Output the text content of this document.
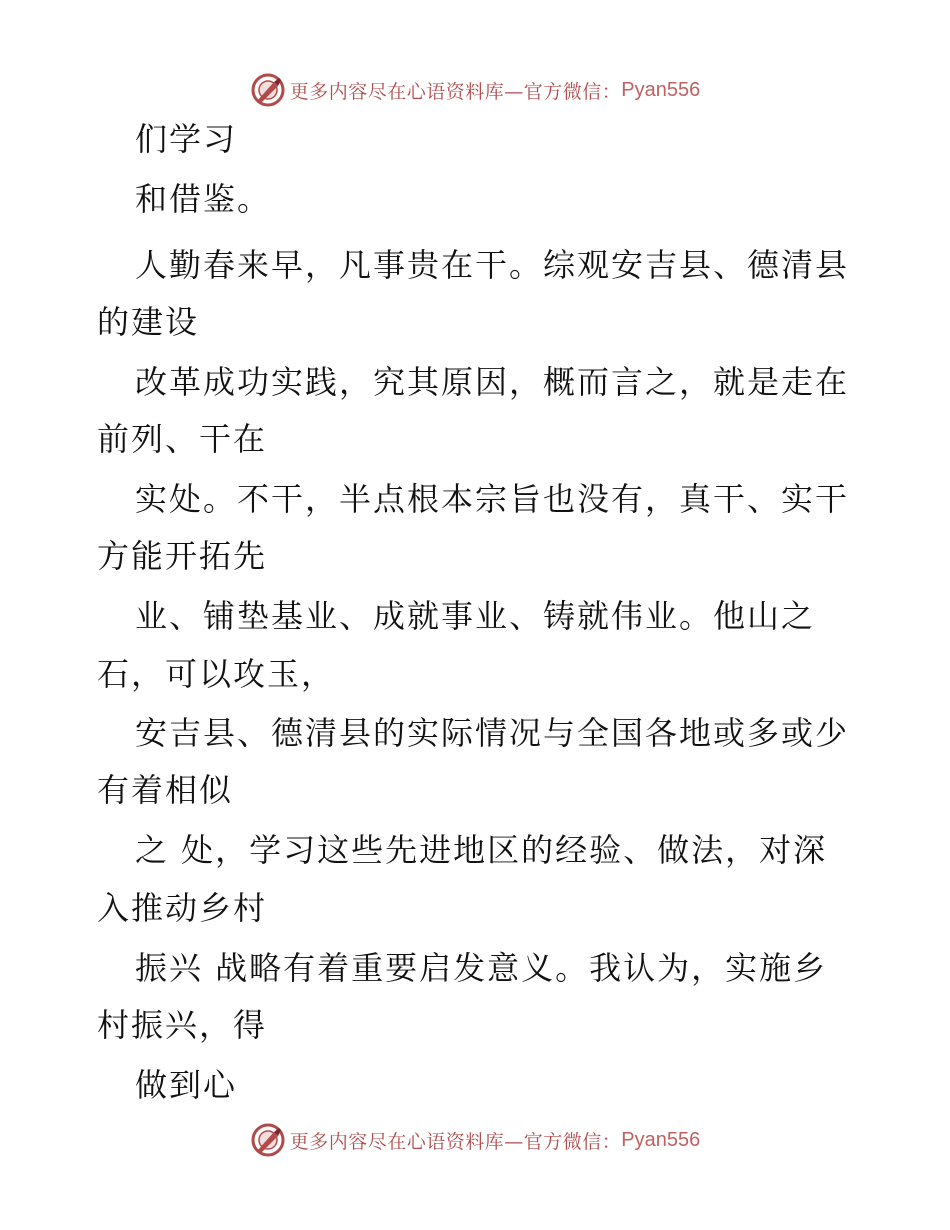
更多内容尽在心语资料库—官方微信： Pyan556
们学习
和借鉴。
人勤春来早，凡事贵在干。综观安吉县、德清县
的建设
改革成功实践，究其原因，概而言之，就是走在
前列、干在
实处。不干，半点根本宗旨也没有，真干、实干
方能开拓先
业、铺垫基业、成就事业、铸就伟业。他山之
石，可以攻玉，
安吉县、德清县的实际情况与全国各地或多或少
有着相似
之 处，学习这些先进地区的经验、做法，对深
入推动乡村
振兴 战略有着重要启发意义。我认为，实施乡
村振兴，得
做到心
更多内容尽在心语资料库—官方微信： Pyan556
